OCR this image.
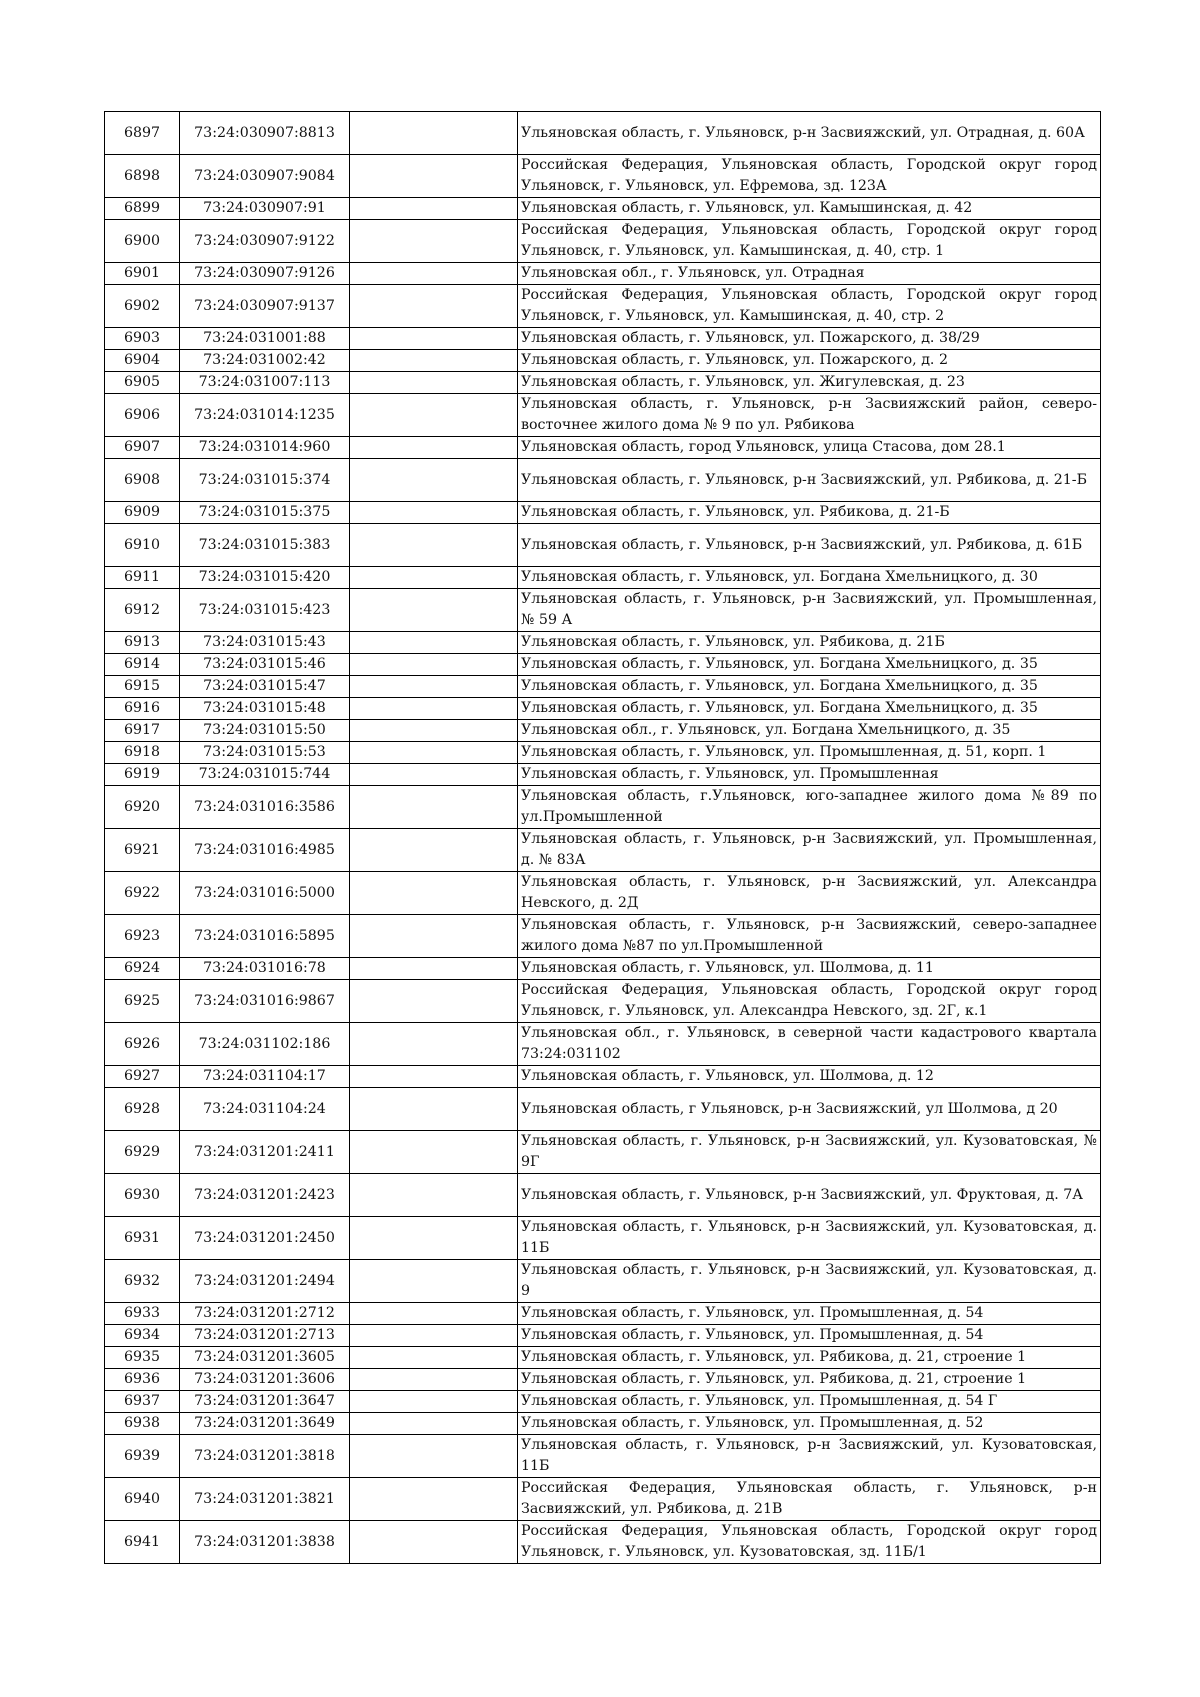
6897	73:24:030907:8813		Ульяновская область, г. Ульяновск, р-н Засвияжский, ул. Отрадная, д. 60А
6898	73:24:030907:9084		Российская Федерация, Ульяновская область, Городской округ город Ульяновск, г. Ульяновск, ул. Ефремова, зд. 123А
6899	73:24:030907:91		Ульяновская область, г. Ульяновск, ул. Камышинская, д. 42
6900	73:24:030907:9122		Российская Федерация, Ульяновская область, Городской округ город Ульяновск, г. Ульяновск, ул. Камышинская, д. 40, стр. 1
6901	73:24:030907:9126		Ульяновская обл., г. Ульяновск, ул. Отрадная
6902	73:24:030907:9137		Российская Федерация, Ульяновская область, Городской округ город Ульяновск, г. Ульяновск, ул. Камышинская, д. 40, стр. 2
6903	73:24:031001:88		Ульяновская область, г. Ульяновск, ул. Пожарского, д. 38/29
6904	73:24:031002:42		Ульяновская область, г. Ульяновск, ул. Пожарского, д. 2
6905	73:24:031007:113		Ульяновская область, г. Ульяновск, ул. Жигулевская, д. 23
6906	73:24:031014:1235		Ульяновская область, г. Ульяновск, р-н Засвияжский район, северо-восточнее жилого дома № 9 по ул. Рябикова
6907	73:24:031014:960		Ульяновская область, город Ульяновск, улица Стасова, дом 28.1
6908	73:24:031015:374		Ульяновская область, г. Ульяновск, р-н Засвияжский, ул. Рябикова, д. 21-Б
6909	73:24:031015:375		Ульяновская область, г. Ульяновск, ул. Рябикова, д. 21-Б
6910	73:24:031015:383		Ульяновская область, г. Ульяновск, р-н Засвияжский, ул. Рябикова, д. 61Б
6911	73:24:031015:420		Ульяновская область, г. Ульяновск, ул. Богдана Хмельницкого, д. 30
6912	73:24:031015:423		Ульяновская область, г. Ульяновск, р-н Засвияжский, ул. Промышленная, № 59 А
6913	73:24:031015:43		Ульяновская область, г. Ульяновск, ул. Рябикова, д. 21Б
6914	73:24:031015:46		Ульяновская область, г. Ульяновск, ул. Богдана Хмельницкого, д. 35
6915	73:24:031015:47		Ульяновская область, г. Ульяновск, ул. Богдана Хмельницкого, д. 35
6916	73:24:031015:48		Ульяновская область, г. Ульяновск, ул. Богдана Хмельницкого, д. 35
6917	73:24:031015:50		Ульяновская обл., г. Ульяновск, ул. Богдана Хмельницкого, д. 35
6918	73:24:031015:53		Ульяновская область, г. Ульяновск, ул. Промышленная, д. 51, корп. 1
6919	73:24:031015:744		Ульяновская область, г. Ульяновск, ул. Промышленная
6920	73:24:031016:3586		Ульяновская область, г.Ульяновск, юго-западнее жилого дома №89 по ул.Промышленной
6921	73:24:031016:4985		Ульяновская область, г. Ульяновск, р-н Засвияжский, ул. Промышленная, д. № 83А
6922	73:24:031016:5000		Ульяновская область, г. Ульяновск, р-н Засвияжский, ул. Александра Невского, д. 2Д
6923	73:24:031016:5895		Ульяновская область, г. Ульяновск, р-н Засвияжский, северо-западнее жилого дома №87 по ул.Промышленной
6924	73:24:031016:78		Ульяновская область, г. Ульяновск, ул. Шолмова, д. 11
6925	73:24:031016:9867		Российская Федерация, Ульяновская область, Городской округ город Ульяновск, г. Ульяновск, ул. Александра Невского, зд. 2Г, к.1
6926	73:24:031102:186		Ульяновская обл., г. Ульяновск, в северной части кадастрового квартала 73:24:031102
6927	73:24:031104:17		Ульяновская область, г. Ульяновск, ул. Шолмова, д. 12
6928	73:24:031104:24		Ульяновская область, г Ульяновск, р-н Засвияжский, ул Шолмова, д 20
6929	73:24:031201:2411		Ульяновская область, г. Ульяновск, р-н Засвияжский, ул. Кузоватовская, № 9Г
6930	73:24:031201:2423		Ульяновская область, г. Ульяновск, р-н Засвияжский, ул. Фруктовая, д. 7А
6931	73:24:031201:2450		Ульяновская область, г. Ульяновск, р-н Засвияжский, ул. Кузоватовская, д. 11Б
6932	73:24:031201:2494		Ульяновская область, г. Ульяновск, р-н Засвияжский, ул. Кузоватовская, д. 9
6933	73:24:031201:2712		Ульяновская область, г. Ульяновск, ул. Промышленная, д. 54
6934	73:24:031201:2713		Ульяновская область, г. Ульяновск, ул. Промышленная, д. 54
6935	73:24:031201:3605		Ульяновская область, г. Ульяновск, ул. Рябикова, д. 21, строение 1
6936	73:24:031201:3606		Ульяновская область, г. Ульяновск, ул. Рябикова, д. 21, строение 1
6937	73:24:031201:3647		Ульяновская область, г. Ульяновск, ул. Промышленная, д. 54 Г
6938	73:24:031201:3649		Ульяновская область, г. Ульяновск, ул. Промышленная, д. 52
6939	73:24:031201:3818		Ульяновская область, г. Ульяновск, р-н Засвияжский, ул. Кузоватовская, 11Б
6940	73:24:031201:3821		Российская Федерация, Ульяновская область, г. Ульяновск, р-н Засвияжский, ул. Рябикова, д. 21В
6941	73:24:031201:3838		Российская Федерация, Ульяновская область, Городской округ город Ульяновск, г. Ульяновск, ул. Кузоватовская, зд. 11Б/1
